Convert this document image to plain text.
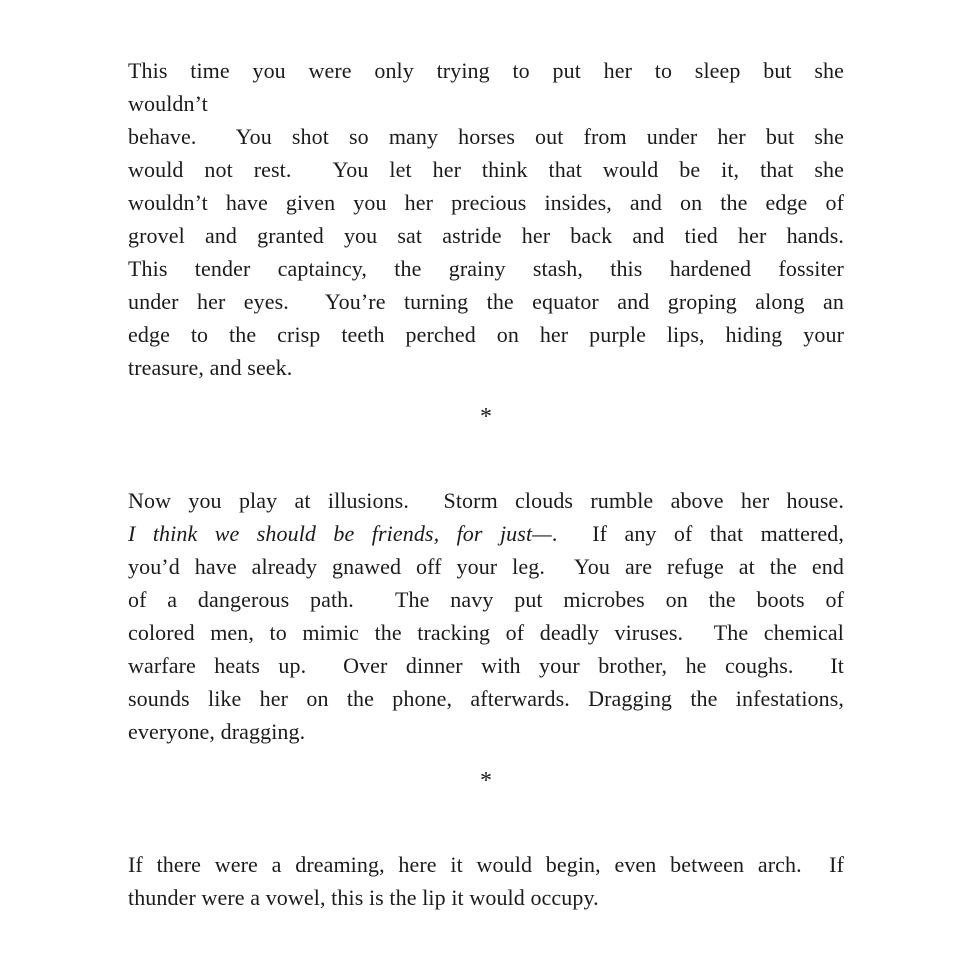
This time you were only trying to put her to sleep but she
wouldn’t
behave.  You shot so many horses out from under her but she
would not rest.  You let her think that would be it, that she
wouldn’t have given you her precious insides, and on the edge of
grovel and granted you sat astride her back and tied her hands.
This tender captaincy, the grainy stash, this hardened fossiter
under her eyes.  You’re turning the equator and groping along an
edge to the crisp teeth perched on her purple lips, hiding your
treasure, and seek.
*
Now you play at illusions.  Storm clouds rumble above her house.
I think we should be friends, for just—.  If any of that mattered,
you’d have already gnawed off your leg.  You are refuge at the end
of a dangerous path.  The navy put microbes on the boots of
colored men, to mimic the tracking of deadly viruses.  The chemical
warfare heats up.  Over dinner with your brother, he coughs.  It
sounds like her on the phone, afterwards. Dragging the infestations,
everyone, dragging.
*
If there were a dreaming, here it would begin, even between arch.  If
thunder were a vowel, this is the lip it would occupy.
